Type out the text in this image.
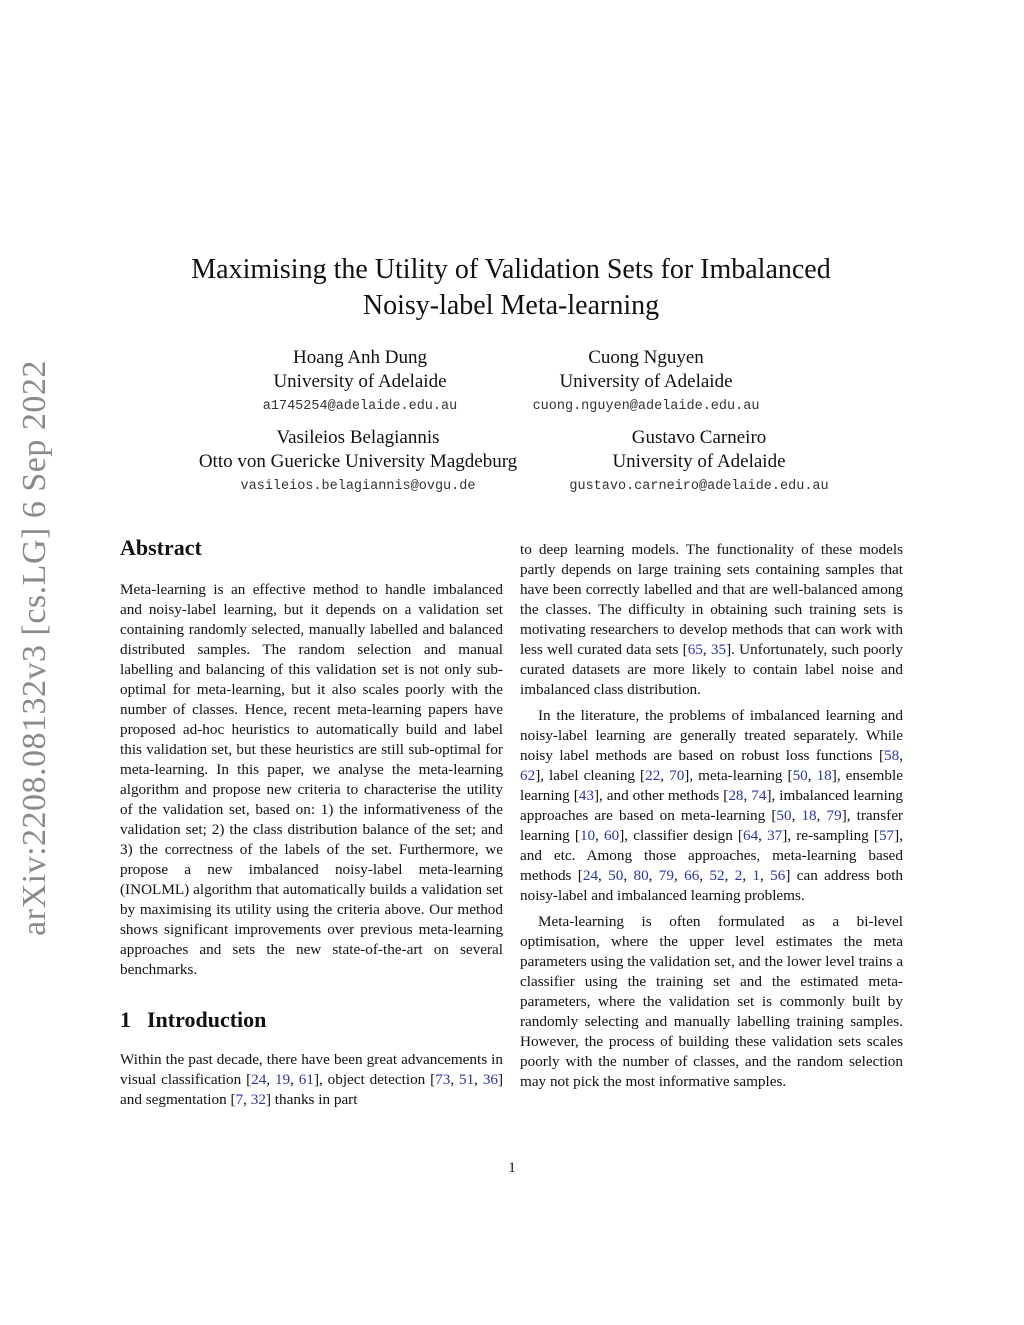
arXiv:2208.08132v3 [cs.LG] 6 Sep 2022
Maximising the Utility of Validation Sets for Imbalanced
Noisy-label Meta-learning
Hoang Anh Dung
University of Adelaide
a1745254@adelaide.edu.au
Cuong Nguyen
University of Adelaide
cuong.nguyen@adelaide.edu.au
Vasileios Belagiannis
Otto von Guericke University Magdeburg
vasileios.belagiannis@ovgu.de
Gustavo Carneiro
University of Adelaide
gustavo.carneiro@adelaide.edu.au
Abstract

Meta-learning is an effective method to handle imbalanced and noisy-label learning, but it depends on a validation set containing randomly selected, manually labelled and balanced distributed samples. The random selection and manual labelling and balancing of this validation set is not only sub-optimal for meta-learning, but it also scales poorly with the number of classes. Hence, recent meta-learning papers have proposed ad-hoc heuristics to automatically build and label this validation set, but these heuristics are still sub-optimal for meta-learning. In this paper, we analyse the meta-learning algorithm and propose new criteria to characterise the utility of the validation set, based on: 1) the informativeness of the validation set; 2) the class distribution balance of the set; and 3) the correctness of the labels of the set. Furthermore, we propose a new imbalanced noisy-label meta-learning (INOLML) algorithm that automatically builds a validation set by maximising its utility using the criteria above. Our method shows significant improvements over previous meta-learning approaches and sets the new state-of-the-art on several benchmarks.

1 Introduction

Within the past decade, there have been great advancements in visual classification [24, 19, 61], object detection [73, 51, 36] and segmentation [7, 32] thanks in part

to deep learning models. The functionality of these models partly depends on large training sets containing samples that have been correctly labelled and that are well-balanced among the classes. The difficulty in obtaining such training sets is motivating researchers to develop methods that can work with less well curated data sets [65, 35]. Unfortunately, such poorly curated datasets are more likely to contain label noise and imbalanced class distribution.

In the literature, the problems of imbalanced learning and noisy-label learning are generally treated separately. While noisy label methods are based on robust loss functions [58, 62], label cleaning [22, 70], meta-learning [50, 18], ensemble learning [43], and other methods [28, 74], imbalanced learning approaches are based on meta-learning [50, 18, 79], transfer learning [10, 60], classifier design [64, 37], re-sampling [57], and etc. Among those approaches, meta-learning based methods [24, 50, 80, 79, 66, 52, 2, 1, 56] can address both noisy-label and imbalanced learning problems.

Meta-learning is often formulated as a bi-level optimisation, where the upper level estimates the meta parameters using the validation set, and the lower level trains a classifier using the training set and the estimated meta-parameters, where the validation set is commonly built by randomly selecting and manually labelling training samples. However, the process of building these validation sets scales poorly with the number of classes, and the random selection may not pick the most informative samples.

1
